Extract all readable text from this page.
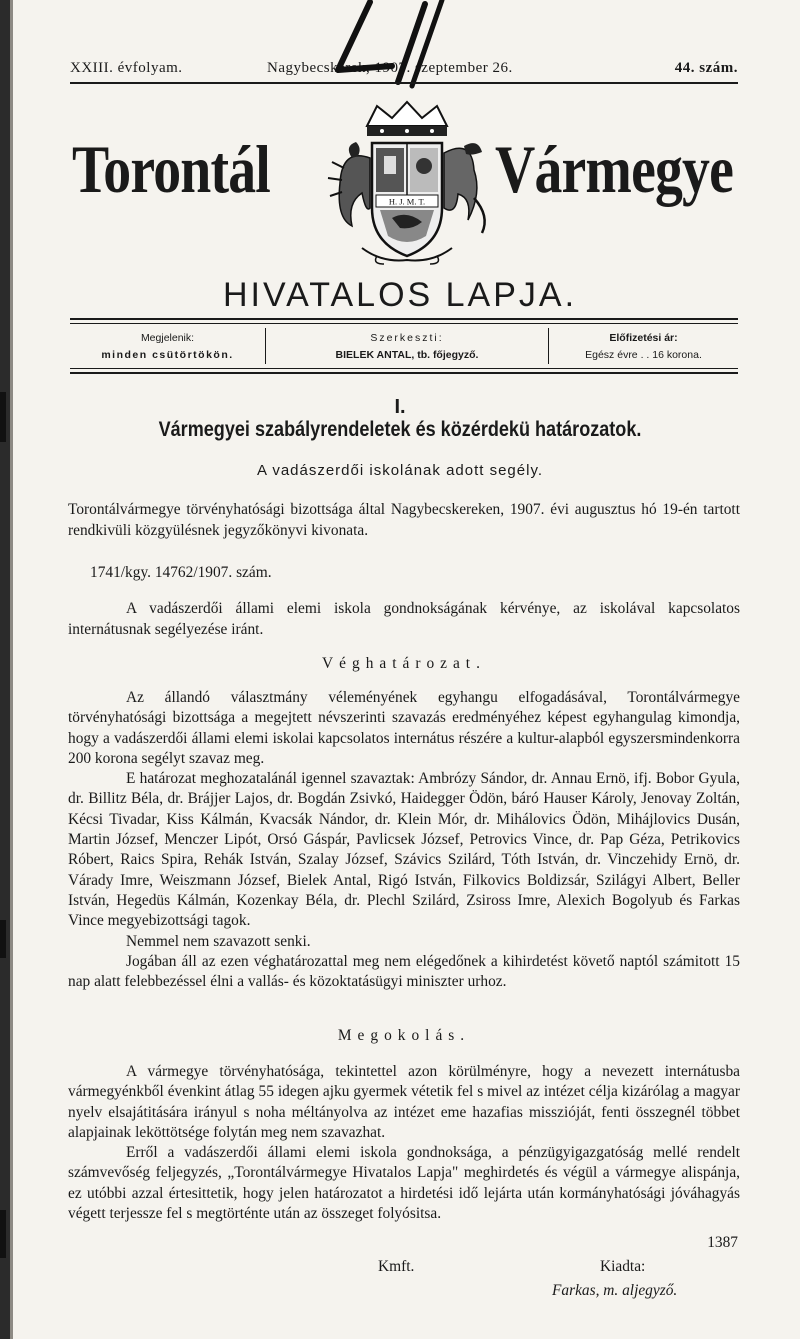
XXIII. évfolyam.	Nagybecskerek, 1907. szeptember 26.	44. szám.
Torontál	Vármegye
H. J. M. T.
HIVATALOS LAPJA.
Megjelenik:
minden csütörtökön.
Szerkeszti:
BIELEK ANTAL, tb. főjegyző.
Előfizetési ár:
Egész évre . . 16 korona.
I.
Vármegyei szabályrendeletek és közérdekü határozatok.
A vadászerdői iskolának adott segély.

Torontálvármegye törvényhatósági bizottsága által Nagybecskereken, 1907. évi augusztus hó 19-én tartott rendkivüli közgyülésnek jegyzőkönyvi kivonata.

1741/kgy. 14762/1907. szám.

A vadászerdői állami elemi iskola gondnokságának kérvénye, az iskolával kapcsolatos internátusnak segélyezése iránt.

Véghatározat.

Az állandó választmány véleményének egyhangu elfogadásával, Torontálvármegye törvényhatósági bizottsága a megejtett névszerinti szavazás eredményéhez képest egyhangulag kimondja, hogy a vadászerdői állami elemi iskolai kapcsolatos internátus részére a kultur-alapból egyszersmindenkorra 200 korona segélyt szavaz meg.

E határozat meghozatalánál igennel szavaztak: Ambrózy Sándor, dr. Annau Ernö, ifj. Bobor Gyula, dr. Billitz Béla, dr. Brájjer Lajos, dr. Bogdán Zsivkó, Haidegger Ödön, báró Hauser Károly, Jenovay Zoltán, Kécsi Tivadar, Kiss Kálmán, Kvacsák Nándor, dr. Klein Mór, dr. Mihálovics Ödön, Mihájlovics Dusán, Martin József, Menczer Lipót, Orsó Gáspár, Pavlicsek József, Petrovics Vince, dr. Pap Géza, Petrikovics Róbert, Raics Spira, Rehák István, Szalay József, Szávics Szilárd, Tóth István, dr. Vinczehidy Ernö, dr. Várady Imre, Weiszmann József, Bielek Antal, Rigó István, Filkovics Boldizsár, Szilágyi Albert, Beller István, Hegedüs Kálmán, Kozenkay Béla, dr. Plechl Szilárd, Zsiross Imre, Alexich Bogolyub és Farkas Vince megyebizottsági tagok.

Nemmel nem szavazott senki.

Jogában áll az ezen véghatározattal meg nem elégedőnek a kihirdetést követő naptól számitott 15 nap alatt felebbezéssel élni a vallás- és közoktatásügyi miniszter urhoz.

Megokolás.

A vármegye törvényhatósága, tekintettel azon körülményre, hogy a nevezett internátusba vármegyénkből évenkint átlag 55 idegen ajku gyermek vétetik fel s mivel az intézet célja kizárólag a magyar nyelv elsajátitására irányul s noha méltányolva az intézet eme hazafias misszióját, fenti összegnél többet alapjainak leköttötsége folytán meg nem szavazhat.

Erről a vadászerdői állami elemi iskola gondnoksága, a pénzügyigazgatóság mellé rendelt számvevőség feljegyzés, „Torontálvármegye Hivatalos Lapja" meghirdetés és végül a vármegye alispánja, ez utóbbi azzal értesittetik, hogy jelen határozatot a hirdetési idő lejárta után kormányhatósági jóváhagyás végett terjessze fel s megtörténte után az összeget folyósitsa.

Kmft.	Kiadta:
1387
Farkas, m. aljegyző.
